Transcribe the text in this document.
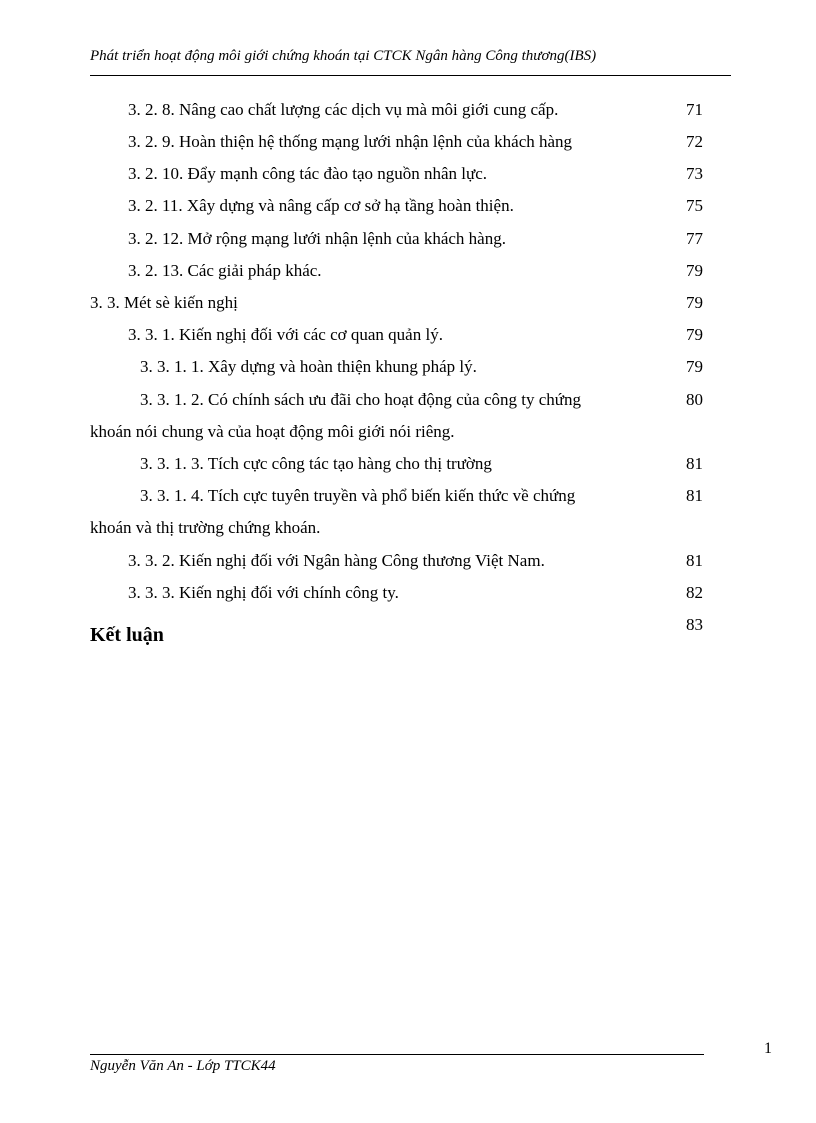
Phát triển hoạt động môi giới chứng khoán tại CTCK Ngân hàng Công thương(IBS)
3. 2. 8. Nâng cao chất lượng các dịch vụ mà môi giới cung cấp.	71
3. 2. 9. Hoàn thiện hệ thống mạng lưới nhận lệnh của khách hàng	72
3. 2. 10. Đẩy mạnh công tác đào tạo nguồn nhân lực.	73
3. 2. 11. Xây dựng và nâng cấp cơ sở hạ tầng hoàn thiện.	75
3. 2. 12. Mở rộng mạng lưới nhận lệnh của khách hàng.	77
3. 2. 13. Các giải pháp khác.	79
3. 3. Mét sè kiến nghị	79
3. 3. 1. Kiến nghị đối với các cơ quan quản lý.	79
3. 3. 1. 1. Xây dựng và hoàn thiện khung pháp lý.	79
3. 3. 1. 2. Có chính sách ưu đãi cho hoạt động của công ty chứng
khoán nói chung và của hoạt động môi giới nói riêng.
80
3. 3. 1. 3. Tích cực công tác tạo hàng cho thị trường	81
3. 3. 1. 4. Tích cực tuyên truyền và phổ biến kiến thức về chứng
khoán và thị trường chứng khoán.
81
3. 3. 2. Kiến nghị đối với Ngân hàng Công thương Việt Nam.	81
3. 3. 3. Kiến nghị đối với chính công ty.	82
Kết luận	83
Nguyễn Văn An - Lớp TTCK44
1
